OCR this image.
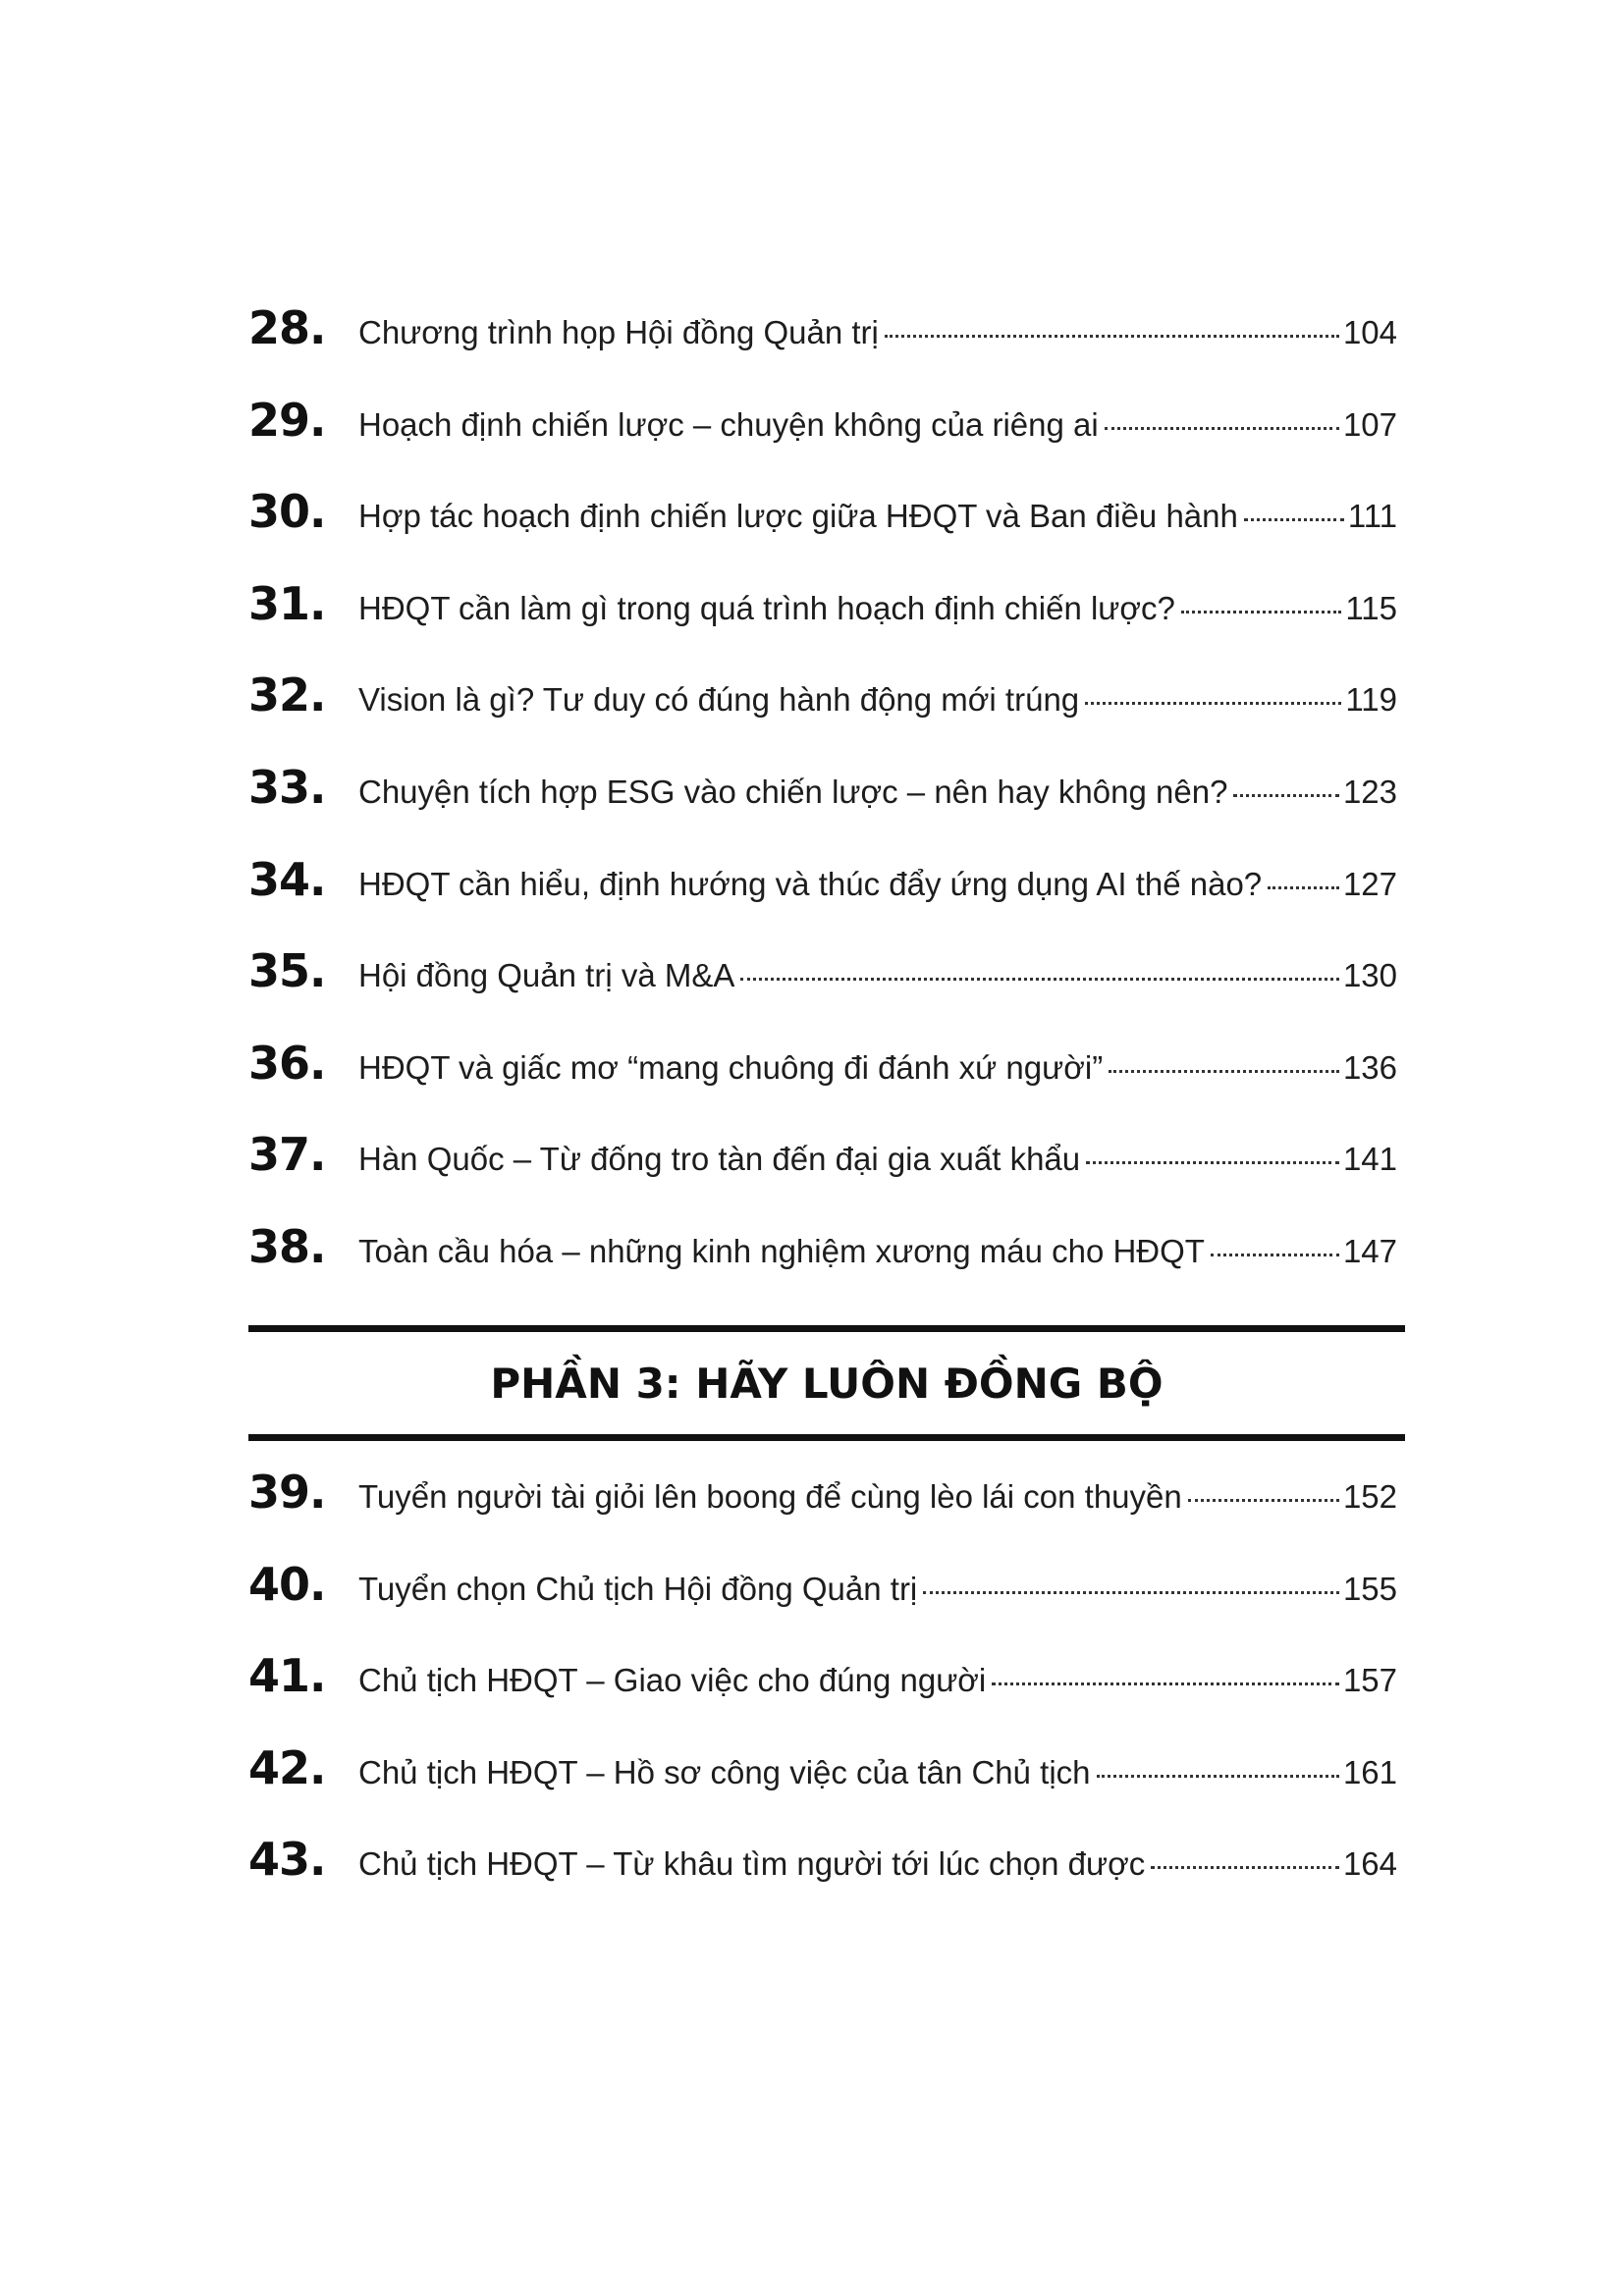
28.	Chương trình họp Hội đồng Quản trị	104
29.	Hoạch định chiến lược – chuyện không của riêng ai	107
30.	Hợp tác hoạch định chiến lược giữa HĐQT và Ban điều hành	111
31.	HĐQT cần làm gì trong quá trình hoạch định chiến lược?	115
32.	Vision là gì? Tư duy có đúng hành động mới trúng	119
33.	Chuyện tích hợp ESG vào chiến lược – nên hay không nên?	123
34.	HĐQT cần hiểu, định hướng và thúc đẩy ứng dụng AI thế nào?	127
35.	Hội đồng Quản trị và M&A	130
36.	HĐQT và giấc mơ “mang chuông đi đánh xứ người”	136
37.	Hàn Quốc – Từ đống tro tàn đến đại gia xuất khẩu	141
38.	Toàn cầu hóa – những kinh nghiệm xương máu cho HĐQT	147
PHẦN 3: HÃY LUÔN ĐỒNG BỘ
39.	Tuyển người tài giỏi lên boong để cùng lèo lái con thuyền	152
40.	Tuyển chọn Chủ tịch Hội đồng Quản trị	155
41.	Chủ tịch HĐQT – Giao việc cho đúng người	157
42.	Chủ tịch HĐQT – Hồ sơ công việc của tân Chủ tịch	161
43.	Chủ tịch HĐQT – Từ khâu tìm người tới lúc chọn được	164
